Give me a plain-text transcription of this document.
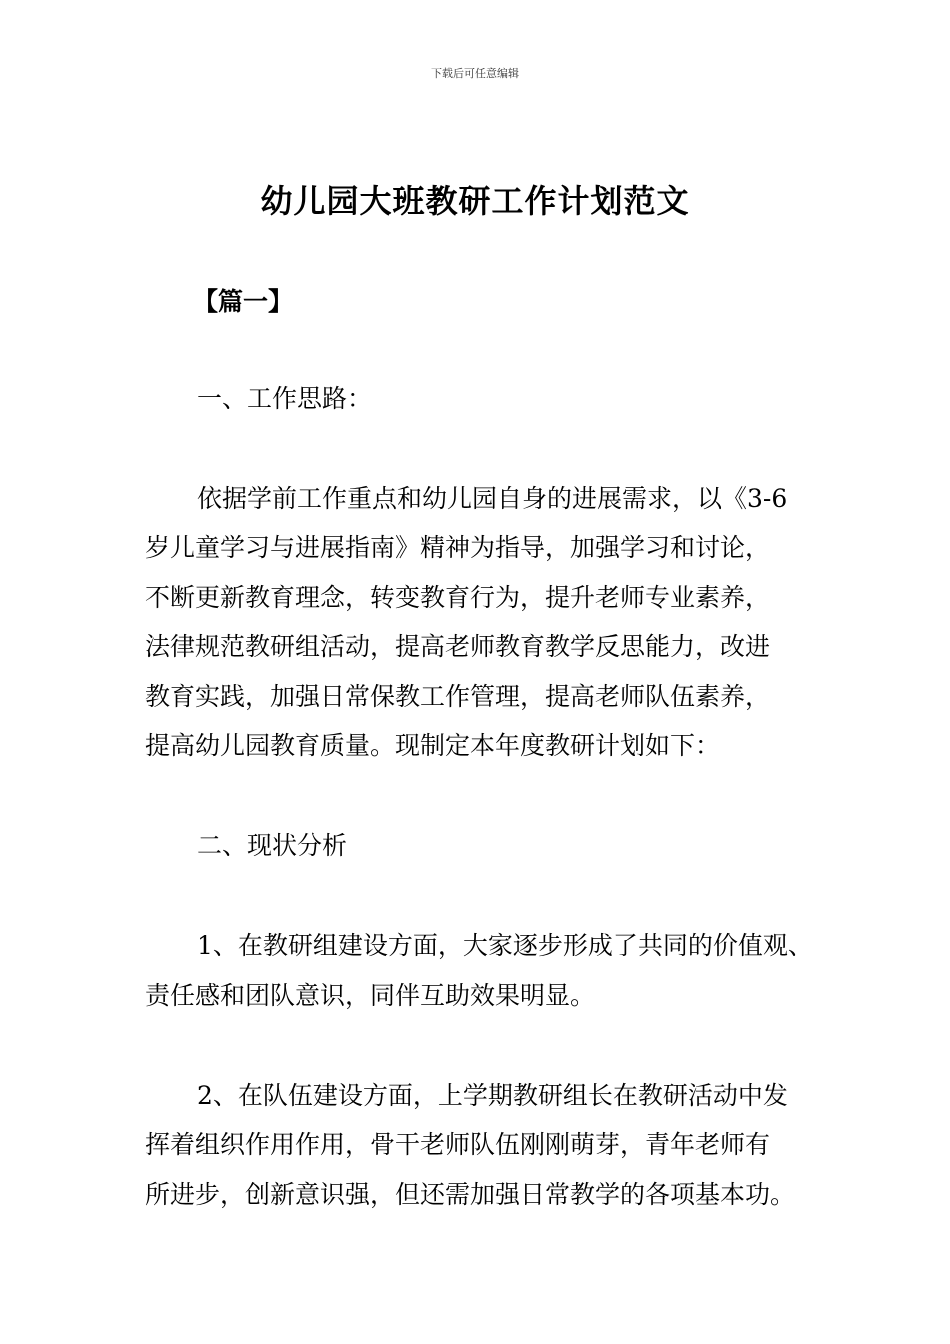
下载后可任意编辑
幼儿园大班教研工作计划范文
【篇一】
一、工作思路：
依据学前工作重点和幼儿园自身的进展需求，以《3-6
岁儿童学习与进展指南》精神为指导，加强学习和讨论，
不断更新教育理念，转变教育行为，提升老师专业素养，
法律规范教研组活动，提高老师教育教学反思能力，改进
教育实践，加强日常保教工作管理，提高老师队伍素养，
提高幼儿园教育质量。现制定本年度教研计划如下：
二、现状分析
1、在教研组建设方面，大家逐步形成了共同的价值观、
责任感和团队意识，同伴互助效果明显。
2、在队伍建设方面，上学期教研组长在教研活动中发
挥着组织作用作用，骨干老师队伍刚刚萌芽，青年老师有
所进步，创新意识强，但还需加强日常教学的各项基本功。
